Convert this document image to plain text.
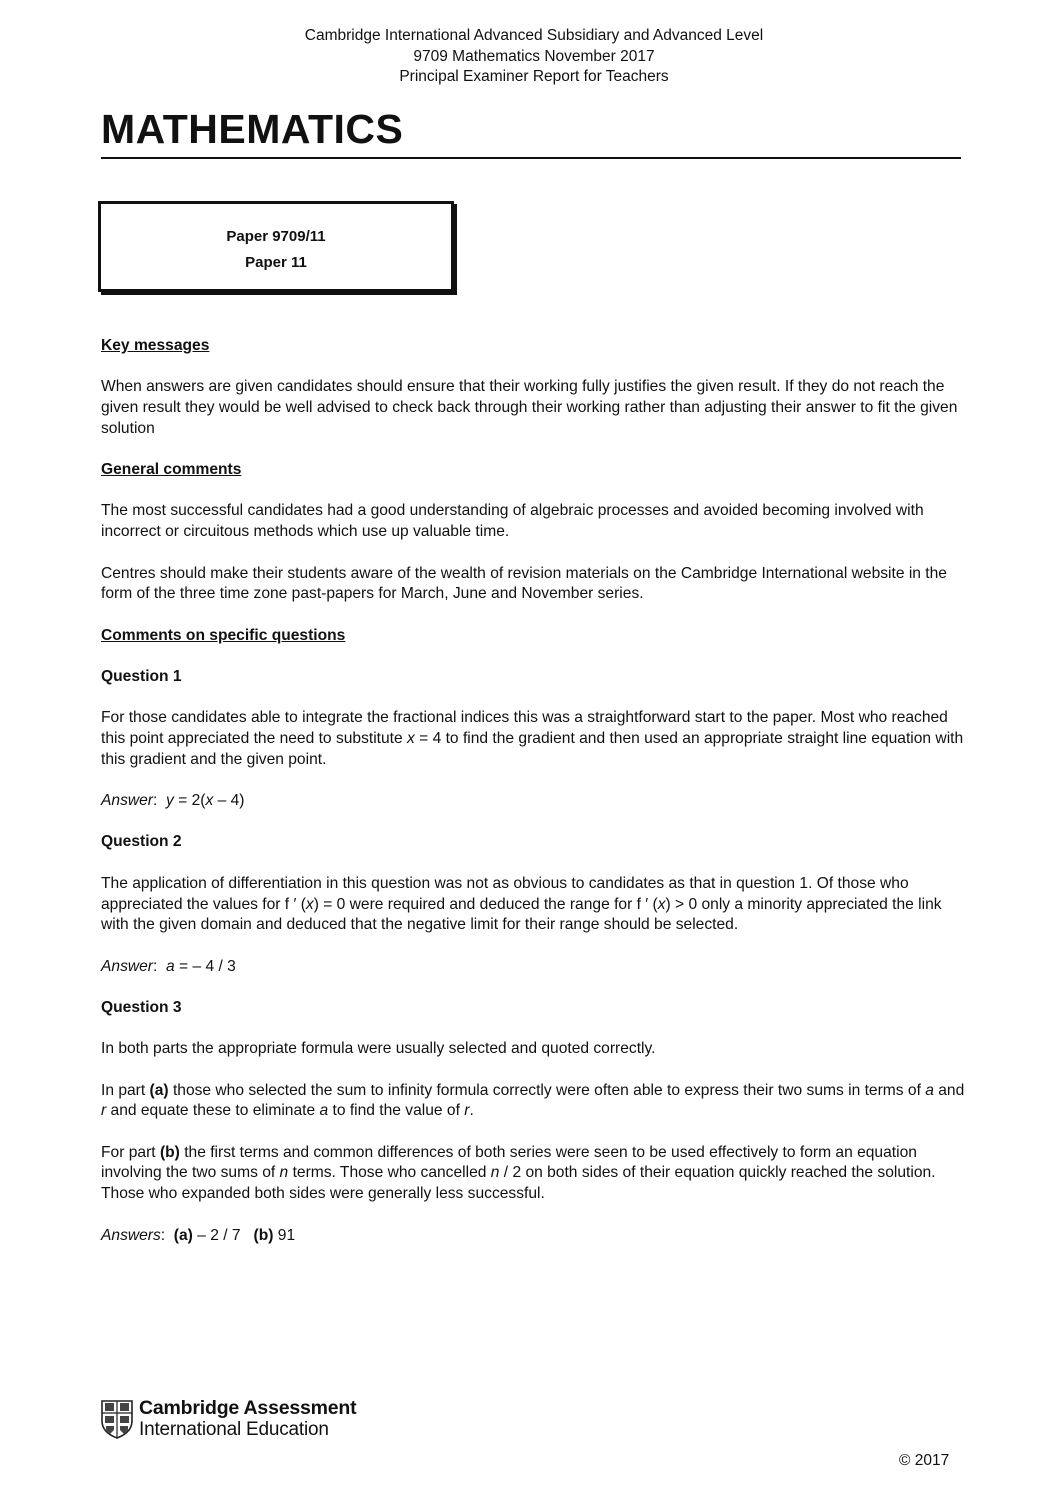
Cambridge International Advanced Subsidiary and Advanced Level
9709 Mathematics November 2017
Principal Examiner Report for Teachers
MATHEMATICS
Paper 9709/11
Paper 11

Key messages

When answers are given candidates should ensure that their working fully justifies the given result. If they do not reach the given result they would be well advised to check back through their working rather than adjusting their answer to fit the given solution

General comments

The most successful candidates had a good understanding of algebraic processes and avoided becoming involved with incorrect or circuitous methods which use up valuable time.

Centres should make their students aware of the wealth of revision materials on the Cambridge International website in the form of the three time zone past-papers for March, June and November series.

Comments on specific questions

Question 1

For those candidates able to integrate the fractional indices this was a straightforward start to the paper. Most who reached this point appreciated the need to substitute x = 4 to find the gradient and then used an appropriate straight line equation with this gradient and the given point.

Answer:  y = 2(x – 4)

Question 2

The application of differentiation in this question was not as obvious to candidates as that in question 1. Of those who appreciated the values for f ′ (x) = 0 were required and deduced the range for f ′ (x) > 0 only a minority appreciated the link with the given domain and deduced that the negative limit for their range should be selected.

Answer:  a = – 4 / 3

Question 3

In both parts the appropriate formula were usually selected and quoted correctly.

In part (a) those who selected the sum to infinity formula correctly were often able to express their two sums in terms of a and r and equate these to eliminate a to find the value of r.

For part (b) the first terms and common differences of both series were seen to be used effectively to form an equation involving the two sums of n terms. Those who cancelled n / 2 on both sides of their equation quickly reached the solution. Those who expanded both sides were generally less successful.

Answers:  (a) – 2 / 7 (b) 91

Cambridge Assessment
International Education
© 2017
